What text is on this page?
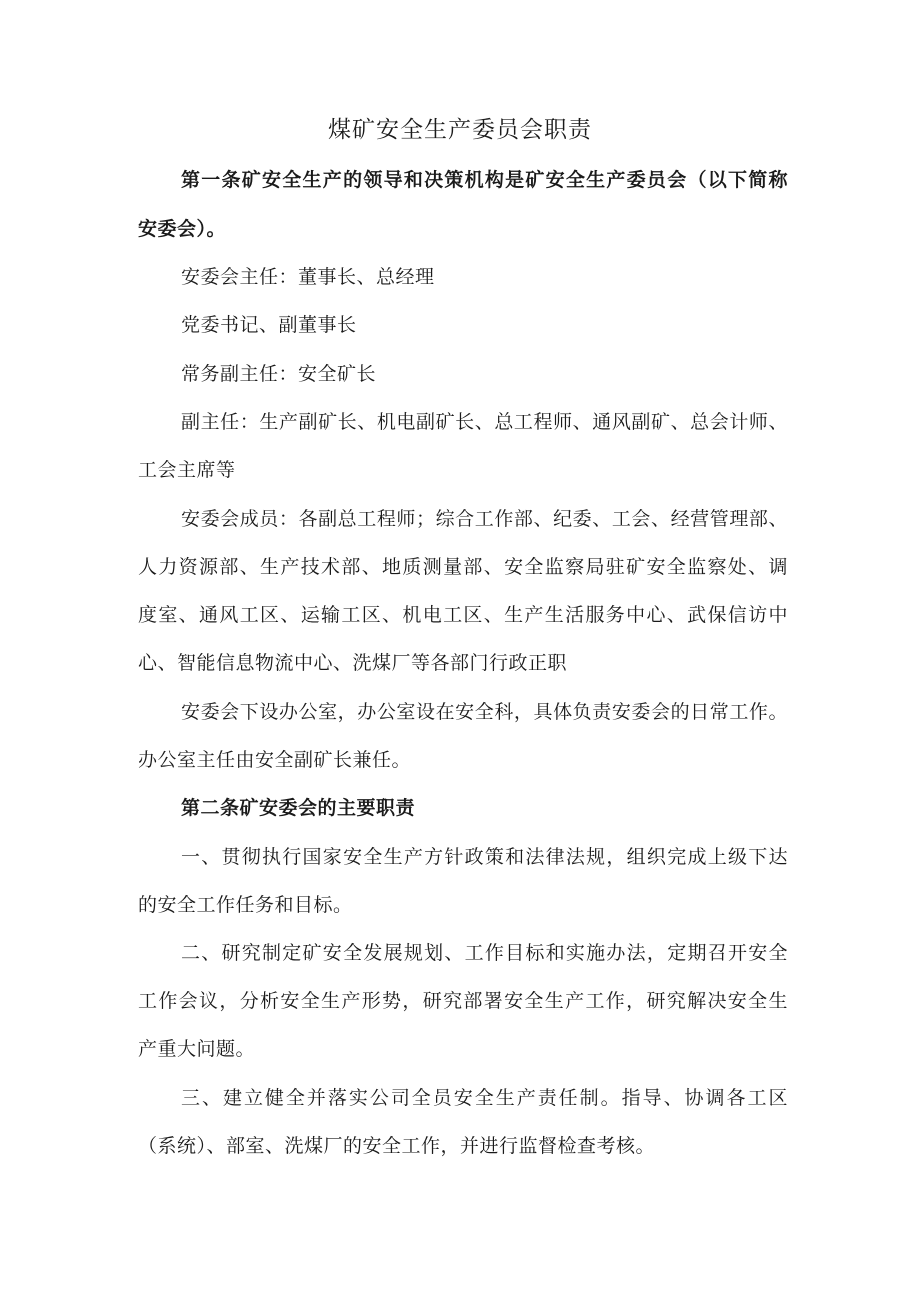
煤矿安全生产委员会职责
第一条矿安全生产的领导和决策机构是矿安全生产委员会（以下简称
安委会）。
安委会主任：董事长、总经理
党委书记、副董事长
常务副主任：安全矿长
副主任：生产副矿长、机电副矿长、总工程师、通风副矿、总会计师、
工会主席等
安委会成员：各副总工程师；综合工作部、纪委、工会、经营管理部、
人力资源部、生产技术部、地质测量部、安全监察局驻矿安全监察处、调
度室、通风工区、运输工区、机电工区、生产生活服务中心、武保信访中
心、智能信息物流中心、洗煤厂等各部门行政正职
安委会下设办公室，办公室设在安全科，具体负责安委会的日常工作。
办公室主任由安全副矿长兼任。
第二条矿安委会的主要职责
一、贯彻执行国家安全生产方针政策和法律法规，组织完成上级下达
的安全工作任务和目标。
二、研究制定矿安全发展规划、工作目标和实施办法，定期召开安全
工作会议，分析安全生产形势，研究部署安全生产工作，研究解决安全生
产重大问题。
三、建立健全并落实公司全员安全生产责任制。指导、协调各工区
（系统）、部室、洗煤厂的安全工作，并进行监督检查考核。
